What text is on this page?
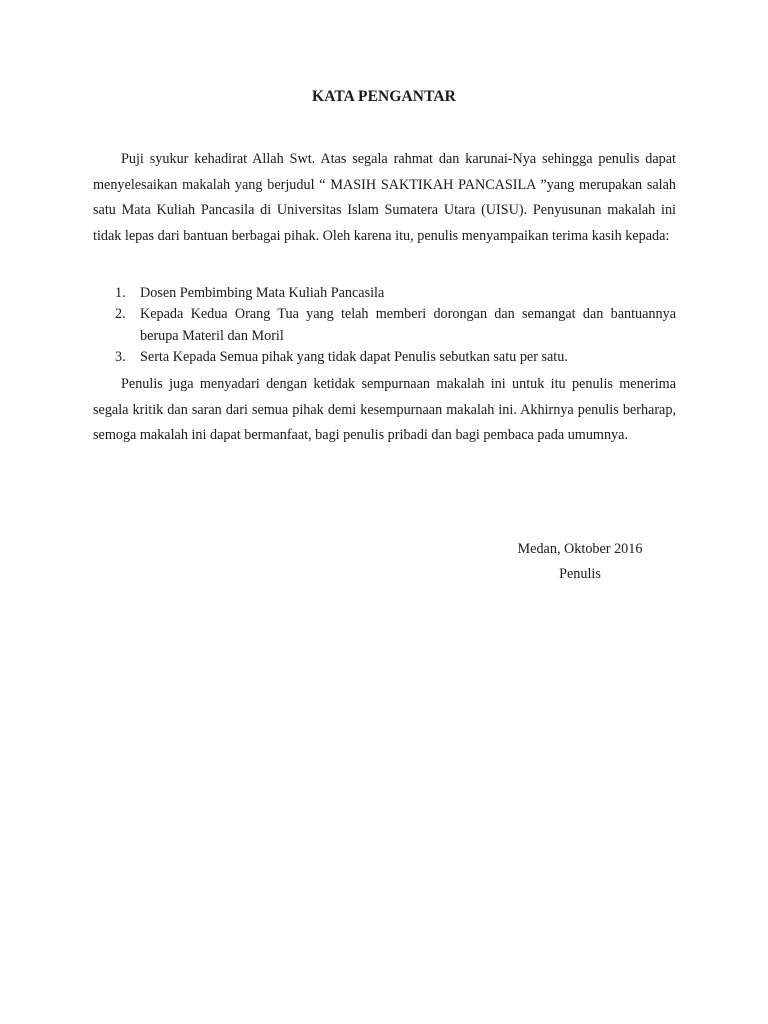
KATA PENGANTAR

Puji syukur kehadirat Allah Swt. Atas segala rahmat dan karunai-Nya sehingga penulis dapat menyelesaikan makalah yang berjudul “ MASIH SAKTIKAH PANCASILA ”yang merupakan salah satu Mata Kuliah Pancasila di Universitas Islam Sumatera Utara (UISU). Penyusunan makalah ini tidak lepas dari bantuan berbagai pihak. Oleh karena itu, penulis menyampaikan terima kasih kepada:

1. Dosen Pembimbing Mata Kuliah Pancasila
2. Kepada Kedua Orang Tua yang telah memberi dorongan dan semangat dan bantuannya berupa Materil dan Moril
3. Serta Kepada Semua pihak yang tidak dapat Penulis sebutkan satu per satu.

Penulis juga menyadari dengan ketidak sempurnaan makalah ini untuk itu penulis menerima segala kritik dan saran dari semua pihak demi kesempurnaan makalah ini. Akhirnya penulis berharap, semoga makalah ini dapat bermanfaat, bagi penulis pribadi dan bagi pembaca pada umumnya.

Medan, Oktober 2016
Penulis
